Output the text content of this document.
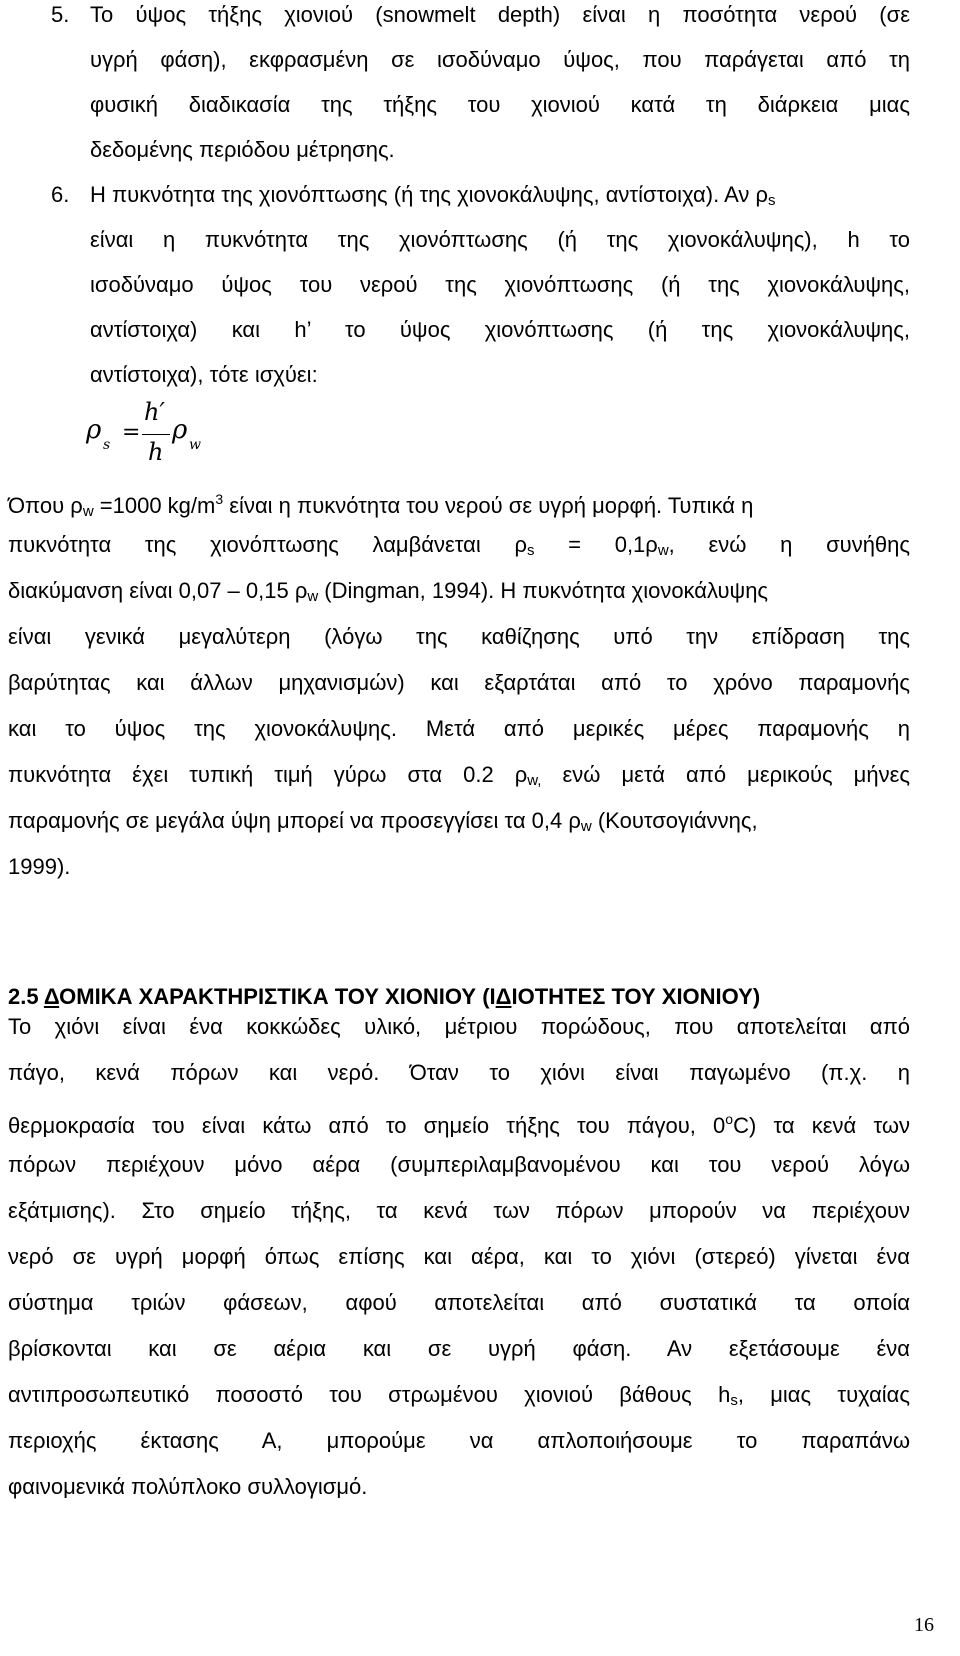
5. Το ύψος τήξης χιονιού (snowmelt depth) είναι η ποσότητα νερού (σε
υγρή φάση), εκφρασμένη σε ισοδύναμο ύψος, που παράγεται από τη
φυσική διαδικασία της τήξης του χιονιού κατά τη διάρκεια μιας
δεδομένης περιόδου μέτρησης.
6. Η πυκνότητα της χιονόπτωσης (ή της χιονοκάλυψης, αντίστοιχα). Αν ρs
είναι η πυκνότητα της χιονόπτωσης (ή της χιονοκάλυψης), h το
ισοδύναμο ύψος του νερού της χιονόπτωσης (ή της χιονοκάλυψης,
αντίστοιχα) και h’ το ύψος χιονόπτωσης (ή της χιονοκάλυψης,
αντίστοιχα), τότε ισχύει:
ρ s =
h′
h
ρ w
Όπου ρw =1000 $kg/m^3$ είναι η πυκνότητα του νερού σε υγρή μορφή. Τυπικά η
πυκνότητα της χιονόπτωσης λαμβάνεται ρs = 0,1ρw, ενώ η συνήθης
διακύμανση είναι 0,07 – 0,15 ρw (Dingman, 1994). Η πυκνότητα χιονοκάλυψης
είναι γενικά μεγαλύτερη (λόγω της καθίζησης υπό την επίδραση της
βαρύτητας και άλλων μηχανισμών) και εξαρτάται από το χρόνο παραμονής
και το ύψος της χιονοκάλυψης. Μετά από μερικές μέρες παραμονής η
πυκνότητα έχει τυπική τιμή γύρω στα 0.2 ρw, ενώ μετά από μερικούς μήνες
παραμονής σε μεγάλα ύψη μπορεί να προσεγγίσει τα 0,4 ρw (Κουτσογιάννης,
1999).
2.5 ΔΟΜΙΚΑ ΧΑΡΑΚΤΗΡΙΣΤΙΚΑ ΤΟΥ ΧΙΟΝΙΟΥ (ΙΔΙΟΤΗΤΕΣ ΤΟΥ ΧΙΟΝΙΟΥ)
Το χιόνι είναι ένα κοκκώδες υλικό, μέτριου πορώδους, που αποτελείται από
πάγο, κενά πόρων και νερό. Όταν το χιόνι είναι παγωμένο (π.χ. η
θερμοκρασία του είναι κάτω από το σημείο τήξης του πάγου, 0$^o$C) τα κενά των
πόρων περιέχουν μόνο αέρα (συμπεριλαμβανομένου και του νερού λόγω
εξάτμισης). Στο σημείο τήξης, τα κενά των πόρων μπορούν να περιέχουν
νερό σε υγρή μορφή όπως επίσης και αέρα, και το χιόνι (στερεό) γίνεται ένα
σύστημα τριών φάσεων, αφού αποτελείται από συστατικά τα οποία
βρίσκονται και σε αέρια και σε υγρή φάση. Αν εξετάσουμε ένα
αντιπροσωπευτικό ποσοστό του στρωμένου χιονιού βάθους hs, μιας τυχαίας
περιοχής έκτασης Α, μπορούμε να απλοποιήσουμε το παραπάνω
φαινομενικά πολύπλοκο συλλογισμό.
16
